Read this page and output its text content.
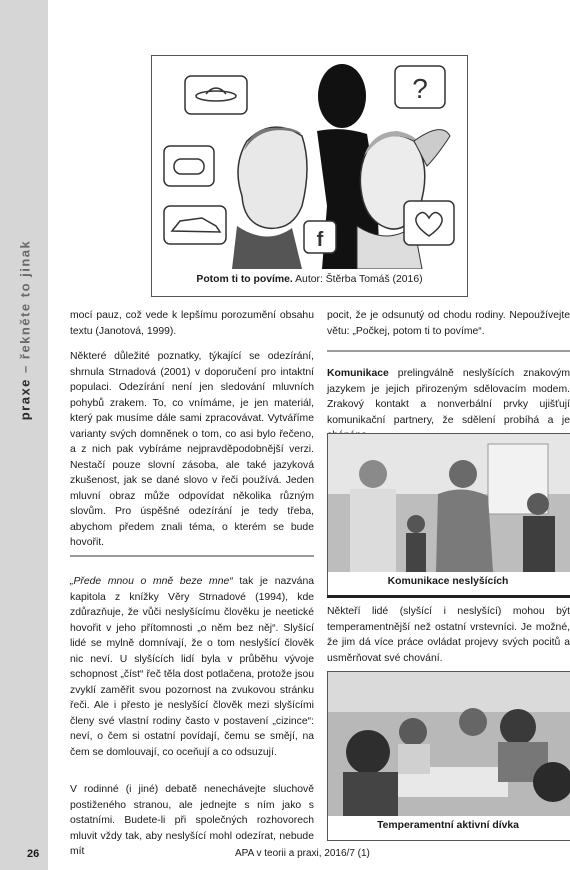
praxe – řekněte to jinak
?
f
Potom ti to povíme. Autor: Štěrba Tomáš (2016)

mocí pauz, což vede k lepšímu porozumění obsahu textu (Janotová, 1999).

Některé důležité poznatky, týkající se odezírání, shrnula Strnadová (2001) v doporučení pro intaktní populaci. Odezírání není jen sledování mluvních pohybů zrakem. To, co vnímáme, je jen materiál, který pak musíme dále sami zpracovávat. Vytváříme varianty svých domněnek o tom, co asi bylo řečeno, a z nich pak vybíráme nejpravděpodobnější verzi. Nestačí pouze slovní zásoba, ale také jazyková zkušenost, jak se dané slovo v řeči používá. Jeden mluvní obraz může odpovídat několika různým slovům. Pro úspěšné odezírání je tedy třeba, abychom předem znali téma, o kterém se bude hovořit.

„Přede mnou o mně beze mne“ tak je nazvána kapitola z knížky Věry Strnadové (1994), kde zdůrazňuje, že vůči neslyšícímu člověku je neetické hovořit v jeho přítomnosti „o něm bez něj“. Slyšící lidé se mylně domnívají, že o tom neslyšící člověk nic neví. U slyšících lidí byla v průběhu vývoje schopnost „číst“ řeč těla dost potlačena, protože jsou zvyklí zaměřit svou pozornost na zvukovou stránku řeči. Ale i přesto je neslyšící člověk mezi slyšícími členy své vlastní rodiny často v postavení „cizince“: neví, o čem si ostatní povídají, čemu se smějí, na čem se domlouvají, co oceňují a co odsuzují.

V rodinné (i jiné) debatě nenechávejte sluchově postiženého stranou, ale jednejte s ním jako s ostatními. Budete-li při společných rozhovorech mluvit vždy tak, aby neslyšící mohl odezírat, nebude mít

pocit, že je odsunutý od chodu rodiny. Nepoužívejte větu: „Počkej, potom ti to povíme“.

Komunikace prelingválně neslyšících znakovým jazykem je jejich přirozeným sdělovacím modem. Zrakový kontakt a nonverbální prvky ujišťují komunikační partnery, že sdělení probíhá a je

Komunikace neslyšících

Někteří lidé (slyšící i neslyšící) mohou být temperamentnější než ostatní vrstevníci. Je možné, že jim dá více práce ovládat projevy svých pocitů a usměrňovat své chování.

Temperamentní aktivní dívka
26	APA v teorii a praxi, 2016/7 (1)
